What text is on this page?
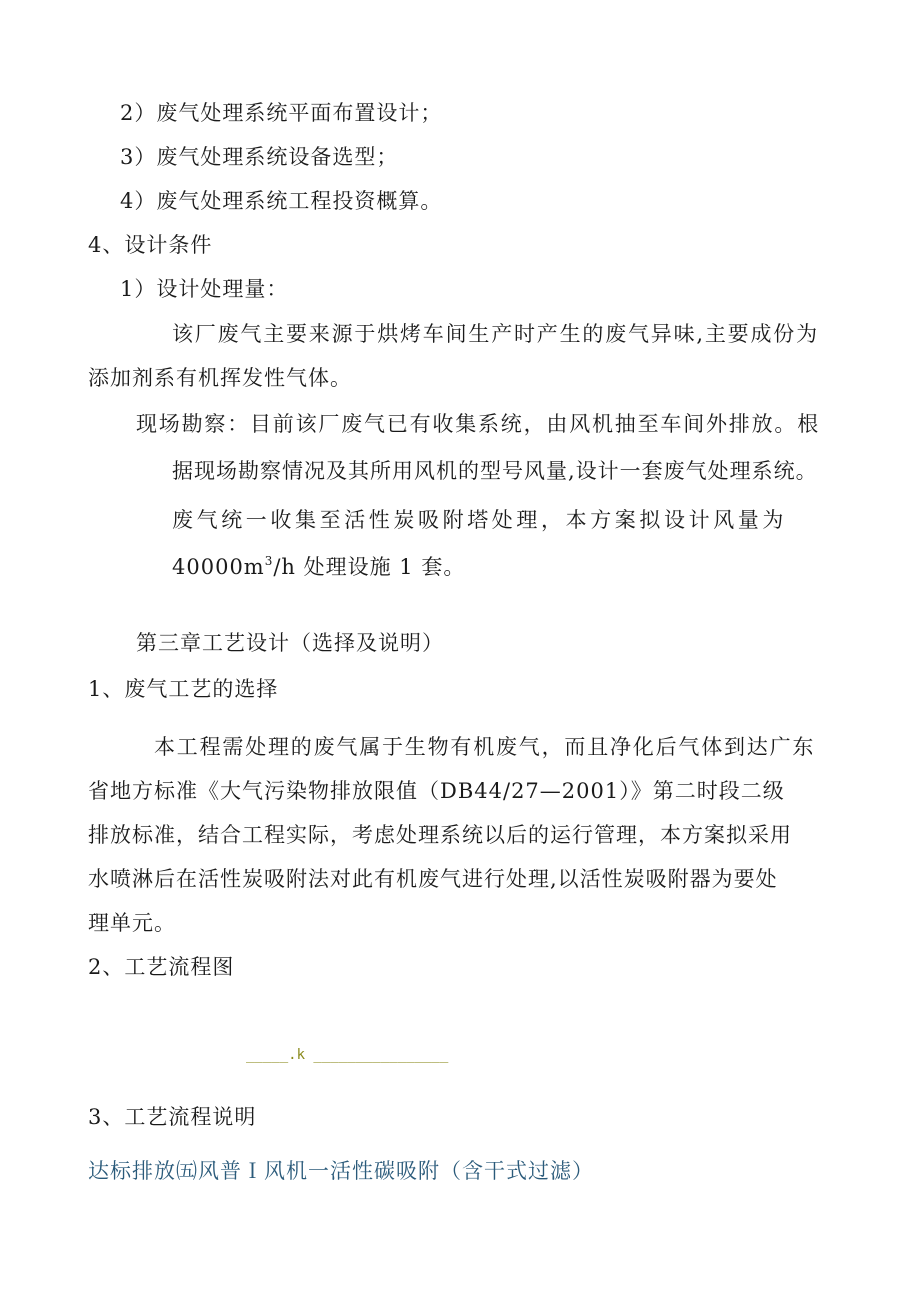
2）废气处理系统平面布置设计；
3）废气处理系统设备选型；
4）废气处理系统工程投资概算。
4、设计条件
1）设计处理量：
该厂废气主要来源于烘烤车间生产时产生的废气异味,主要成份为
添加剂系有机挥发性气体。
现场勘察：目前该厂废气已有收集系统，由风机抽至车间外排放。根
据现场勘察情况及其所用风机的型号风量,设计一套废气处理系统。
废气统一收集至活性炭吸附塔处理，本方案拟设计风量为
$40000m^3/h$ 处理设施 1 套。
第三章工艺设计（选择及说明）
1、废气工艺的选择
本工程需处理的废气属于生物有机废气，而且净化后气体到达广东
省地方标准《大气污染物排放限值（DB44/27—2001）》第二时段二级
排放标准，结合工程实际，考虑处理系统以后的运行管理，本方案拟采用
水喷淋后在活性炭吸附法对此有机废气进行处理,以活性炭吸附器为要处
理单元。
2、工艺流程图
_____.k ________________
3、工艺流程说明
达标排放㈤风普Ｉ风机一活性碳吸附（含干式过滤）
